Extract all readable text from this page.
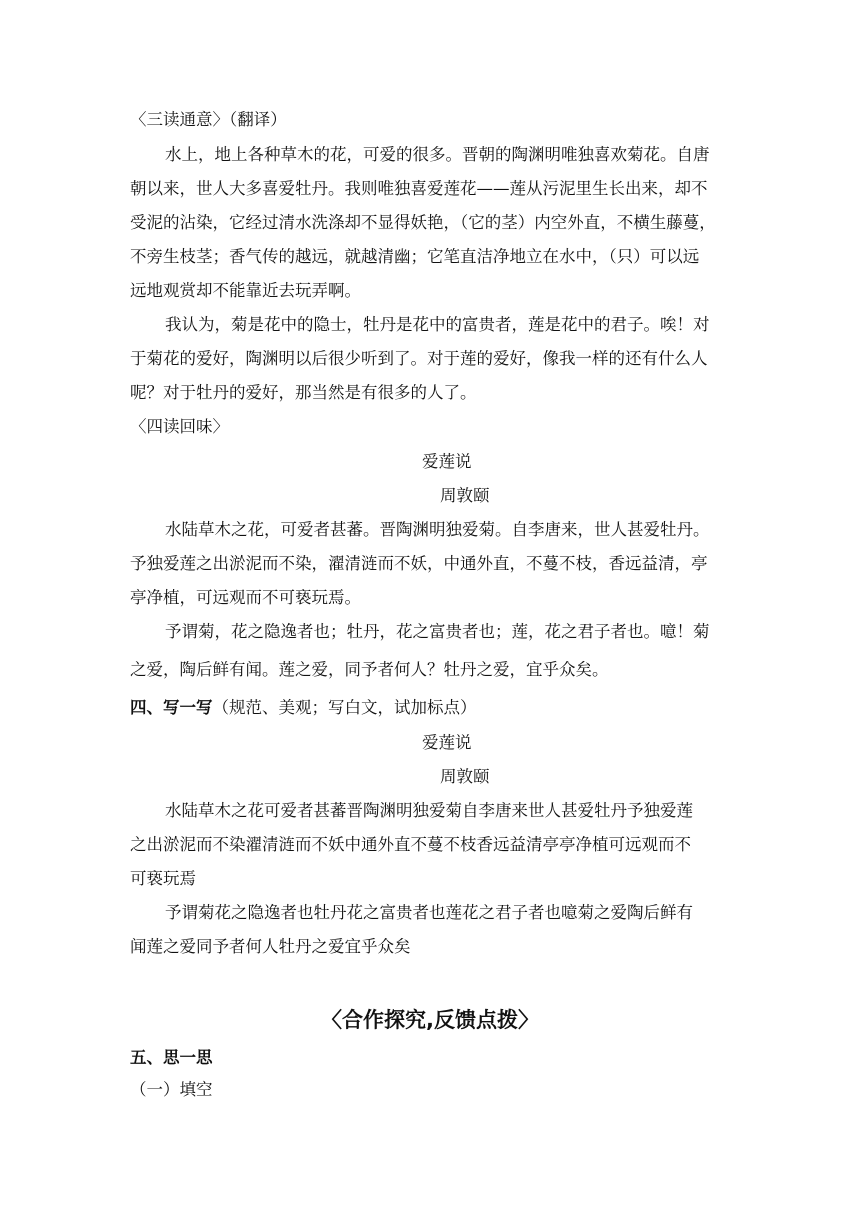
〈三读通意〉（翻译）
水上，地上各种草木的花，可爱的很多。晋朝的陶渊明唯独喜欢菊花。自唐
朝以来，世人大多喜爱牡丹。我则唯独喜爱莲花——莲从污泥里生长出来，却不
受泥的沾染，它经过清水洗涤却不显得妖艳，（它的茎）内空外直，不横生藤蔓，
不旁生枝茎；香气传的越远，就越清幽；它笔直洁净地立在水中，（只）可以远
远地观赏却不能靠近去玩弄啊。
我认为，菊是花中的隐士，牡丹是花中的富贵者，莲是花中的君子。唉！对
于菊花的爱好，陶渊明以后很少听到了。对于莲的爱好，像我一样的还有什么人
呢？对于牡丹的爱好，那当然是有很多的人了。
〈四读回味〉
爱莲说
周敦颐
水陆草木之花，可爱者甚蕃。晋陶渊明独爱菊。自李唐来，世人甚爱牡丹。
予独爱莲之出淤泥而不染，濯清涟而不妖，中通外直，不蔓不枝，香远益清，亭
亭净植，可远观而不可亵玩焉。
予谓菊，花之隐逸者也；牡丹，花之富贵者也；莲，花之君子者也。噫！菊
之爱，陶后鲜有闻。莲之爱，同予者何人？牡丹之爱，宜乎众矣。
四、写一写（规范、美观；写白文，试加标点）
爱莲说
周敦颐
水陆草木之花可爱者甚蕃晋陶渊明独爱菊自李唐来世人甚爱牡丹予独爱莲
之出淤泥而不染濯清涟而不妖中通外直不蔓不枝香远益清亭亭净植可远观而不
可亵玩焉
予谓菊花之隐逸者也牡丹花之富贵者也莲花之君子者也噫菊之爱陶后鲜有
闻莲之爱同予者何人牡丹之爱宜乎众矣
〈合作探究,反馈点拨〉
五、思一思
（一）填空
